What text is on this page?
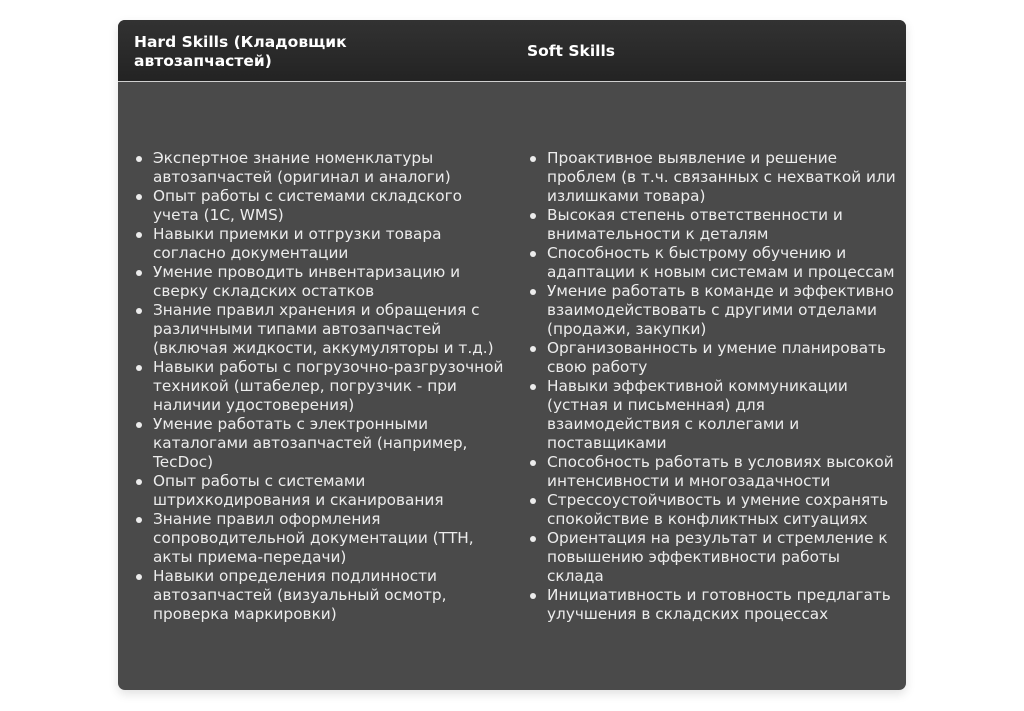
Hard Skills (Кладовщик автозапчастей)
Soft Skills
Экспертное знание номенклатуры автозапчастей (оригинал и аналоги)
Опыт работы с системами складского учета (1С, WMS)
Навыки приемки и отгрузки товара согласно документации
Умение проводить инвентаризацию и сверку складских остатков
Знание правил хранения и обращения с различными типами автозапчастей (включая жидкости, аккумуляторы и т.д.)
Навыки работы с погрузочно-разгрузочной техникой (штабелер, погрузчик - при наличии удостоверения)
Умение работать с электронными каталогами автозапчастей (например, TecDoc)
Опыт работы с системами штрихкодирования и сканирования
Знание правил оформления сопроводительной документации (ТТН, акты приема-передачи)
Навыки определения подлинности автозапчастей (визуальный осмотр, проверка маркировки)
Проактивное выявление и решение проблем (в т.ч. связанных с нехваткой или излишками товара)
Высокая степень ответственности и внимательности к деталям
Способность к быстрому обучению и адаптации к новым системам и процессам
Умение работать в команде и эффективно взаимодействовать с другими отделами (продажи, закупки)
Организованность и умение планировать свою работу
Навыки эффективной коммуникации (устная и письменная) для взаимодействия с коллегами и поставщиками
Способность работать в условиях высокой интенсивности и многозадачности
Стрессоустойчивость и умение сохранять спокойствие в конфликтных ситуациях
Ориентация на результат и стремление к повышению эффективности работы склада
Инициативность и готовность предлагать улучшения в складских процессах
